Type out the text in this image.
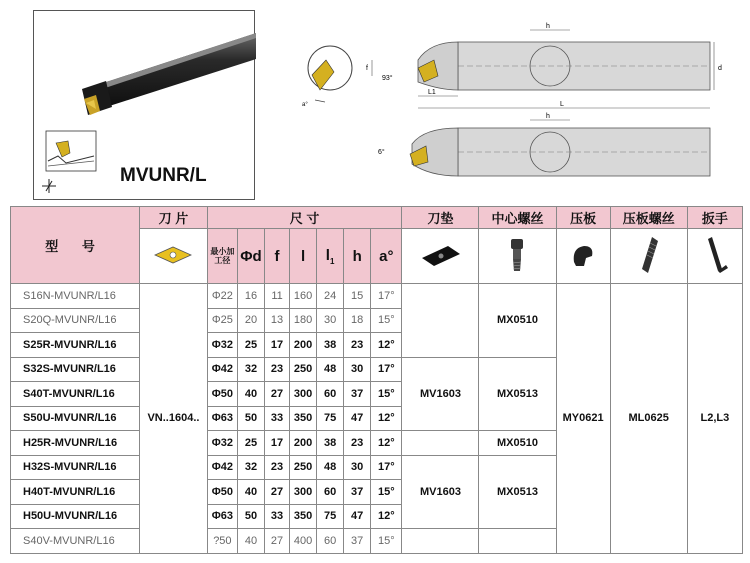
MVUNR/L
a°
h
d
f
93°
L1
L
h
6°
型 号	刀 片	尺 寸							刀垫	中心螺丝	压板	压板螺丝	扳手
	最小加工径	Φd	f	l	$l_1$	h	a°					
S16N-MVUNR/L16	VN..1604..	Φ22	16	11	160	24	15	17°		MX0510	MY0621	ML0625	L2,L3
S20Q-MVUNR/L16		Φ25	20	13	180	30	18	15°					
S25R-MVUNR/L16		Φ32	25	17	200	38	23	12°					
S32S-MVUNR/L16		Φ42	32	23	250	48	30	17°	MV1603	MX0513			
S40T-MVUNR/L16		Φ50	40	27	300	60	37	15°					
S50U-MVUNR/L16		Φ63	50	33	350	75	47	12°					
H25R-MVUNR/L16		Φ32	25	17	200	38	23	12°		MX0510			
H32S-MVUNR/L16		Φ42	32	23	250	48	30	17°	MV1603	MX0513			
H40T-MVUNR/L16		Φ50	40	27	300	60	37	15°					
H50U-MVUNR/L16		Φ63	50	33	350	75	47	12°					
S40V-MVUNR/L16		?50	40	27	400	60	37	15°					
